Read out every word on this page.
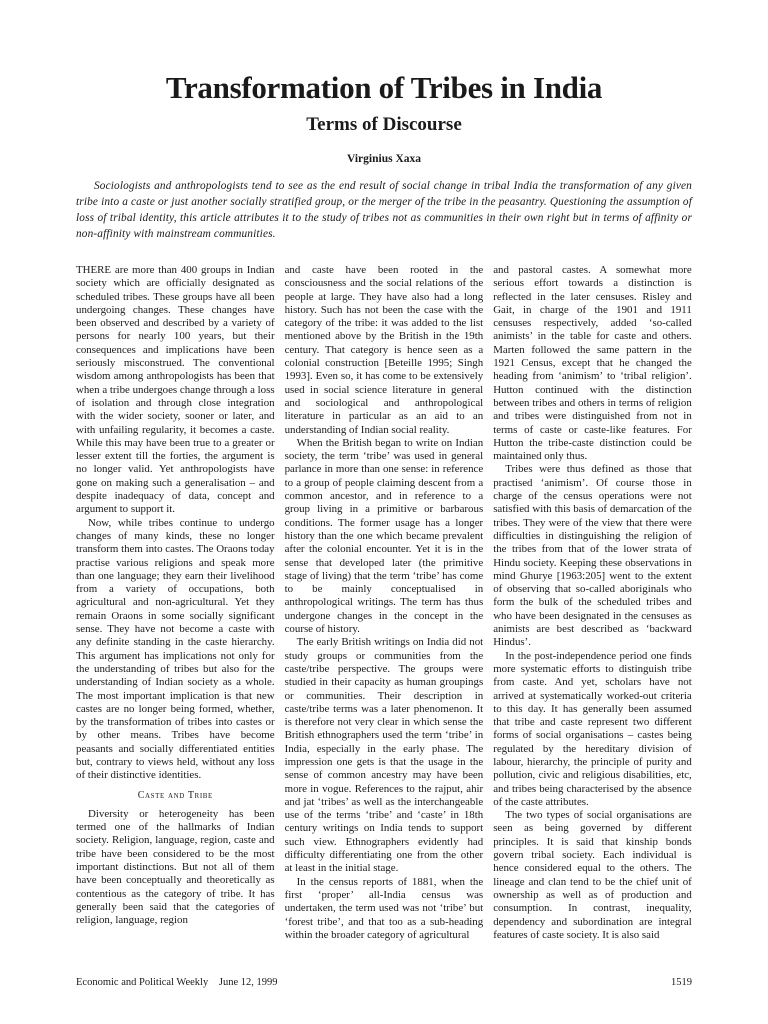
Transformation of Tribes in India
Terms of Discourse
Virginius Xaxa

Sociologists and anthropologists tend to see as the end result of social change in tribal India the transformation of any given tribe into a caste or just another socially stratified group, or the merger of the tribe in the peasantry. Questioning the assumption of loss of tribal identity, this article attributes it to the study of tribes not as communities in their own right but in terms of affinity or non-affinity with mainstream communities.

THERE are more than 400 groups in Indian society which are officially designated as scheduled tribes. These groups have all been undergoing changes. These changes have been observed and described by a variety of persons for nearly 100 years, but their consequences and implications have been seriously misconstrued. The conventional wisdom among anthropologists has been that when a tribe undergoes change through a loss of isolation and through close integration with the wider society, sooner or later, and with unfailing regularity, it becomes a caste. While this may have been true to a greater or lesser extent till the forties, the argument is no longer valid. Yet anthropologists have gone on making such a generalisation – and despite inadequacy of data, concept and argument to support it.

Now, while tribes continue to undergo changes of many kinds, these no longer transform them into castes. The Oraons today practise various religions and speak more than one language; they earn their livelihood from a variety of occupations, both agricultural and non-agricultural. Yet they remain Oraons in some socially significant sense. They have not become a caste with any definite standing in the caste hierarchy. This argument has implications not only for the understanding of tribes but also for the understanding of Indian society as a whole. The most important implication is that new castes are no longer being formed, whether, by the transformation of tribes into castes or by other means. Tribes have become peasants and socially differentiated entities but, contrary to views held, without any loss of their distinctive identities.

Caste and Tribe

Diversity or heterogeneity has been termed one of the hallmarks of Indian society. Religion, language, region, caste and tribe have been considered to be the most important distinctions. But not all of them have been conceptually and theoretically as contentious as the category of tribe. It has generally been said that the categories of religion, language, region

and caste have been rooted in the consciousness and the social relations of the people at large. They have also had a long history. Such has not been the case with the category of the tribe: it was added to the list mentioned above by the British in the 19th century. That category is hence seen as a colonial construction [Beteille 1995; Singh 1993]. Even so, it has come to be extensively used in social science literature in general and sociological and anthropological literature in particular as an aid to an understanding of Indian social reality.

When the British began to write on Indian society, the term ‘tribe’ was used in general parlance in more than one sense: in reference to a group of people claiming descent from a common ancestor, and in reference to a group living in a primitive or barbarous conditions. The former usage has a longer history than the one which became prevalent after the colonial encounter. Yet it is in the sense that developed later (the primitive stage of living) that the term ‘tribe’ has come to be mainly conceptualised in anthropological writings. The term has thus undergone changes in the concept in the course of history.

The early British writings on India did not study groups or communities from the caste/tribe perspective. The groups were studied in their capacity as human groupings or communities. Their description in caste/tribe terms was a later phenomenon. It is therefore not very clear in which sense the British ethnographers used the term ‘tribe’ in India, especially in the early phase. The impression one gets is that the usage in the sense of common ancestry may have been more in vogue. References to the rajput, ahir and jat ‘tribes’ as well as the interchangeable use of the terms ‘tribe’ and ‘caste’ in 18th century writings on India tends to support such view. Ethnographers evidently had difficulty differentiating one from the other at least in the initial stage.

In the census reports of 1881, when the first ‘proper’ all-India census was undertaken, the term used was not ‘tribe’ but ‘forest tribe’, and that too as a sub-heading within the broader category of agricultural

and pastoral castes. A somewhat more serious effort towards a distinction is reflected in the later censuses. Risley and Gait, in charge of the 1901 and 1911 censuses respectively, added ‘so-called animists’ in the table for caste and others. Marten followed the same pattern in the 1921 Census, except that he changed the heading from ‘animism’ to ‘tribal religion’. Hutton continued with the distinction between tribes and others in terms of religion and tribes were distinguished from not in terms of caste or caste-like features. For Hutton the tribe-caste distinction could be maintained only thus.

Tribes were thus defined as those that practised ‘animism’. Of course those in charge of the census operations were not satisfied with this basis of demarcation of the tribes. They were of the view that there were difficulties in distinguishing the religion of the tribes from that of the lower strata of Hindu society. Keeping these observations in mind Ghurye [1963:205] went to the extent of observing that so-called aboriginals who form the bulk of the scheduled tribes and who have been designated in the censuses as animists are best described as ‘backward Hindus’.

In the post-independence period one finds more systematic efforts to distinguish tribe from caste. And yet, scholars have not arrived at systematically worked-out criteria to this day. It has generally been assumed that tribe and caste represent two different forms of social organisations – castes being regulated by the hereditary division of labour, hierarchy, the principle of purity and pollution, civic and religious disabilities, etc, and tribes being characterised by the absence of the caste attributes.

The two types of social organisations are seen as being governed by different principles. It is said that kinship bonds govern tribal society. Each individual is hence considered equal to the others. The lineage and clan tend to be the chief unit of ownership as well as of production and consumption. In contrast, inequality, dependency and subordination are integral features of caste society. It is also said

Economic and Political Weekly June 12, 1999	1519
